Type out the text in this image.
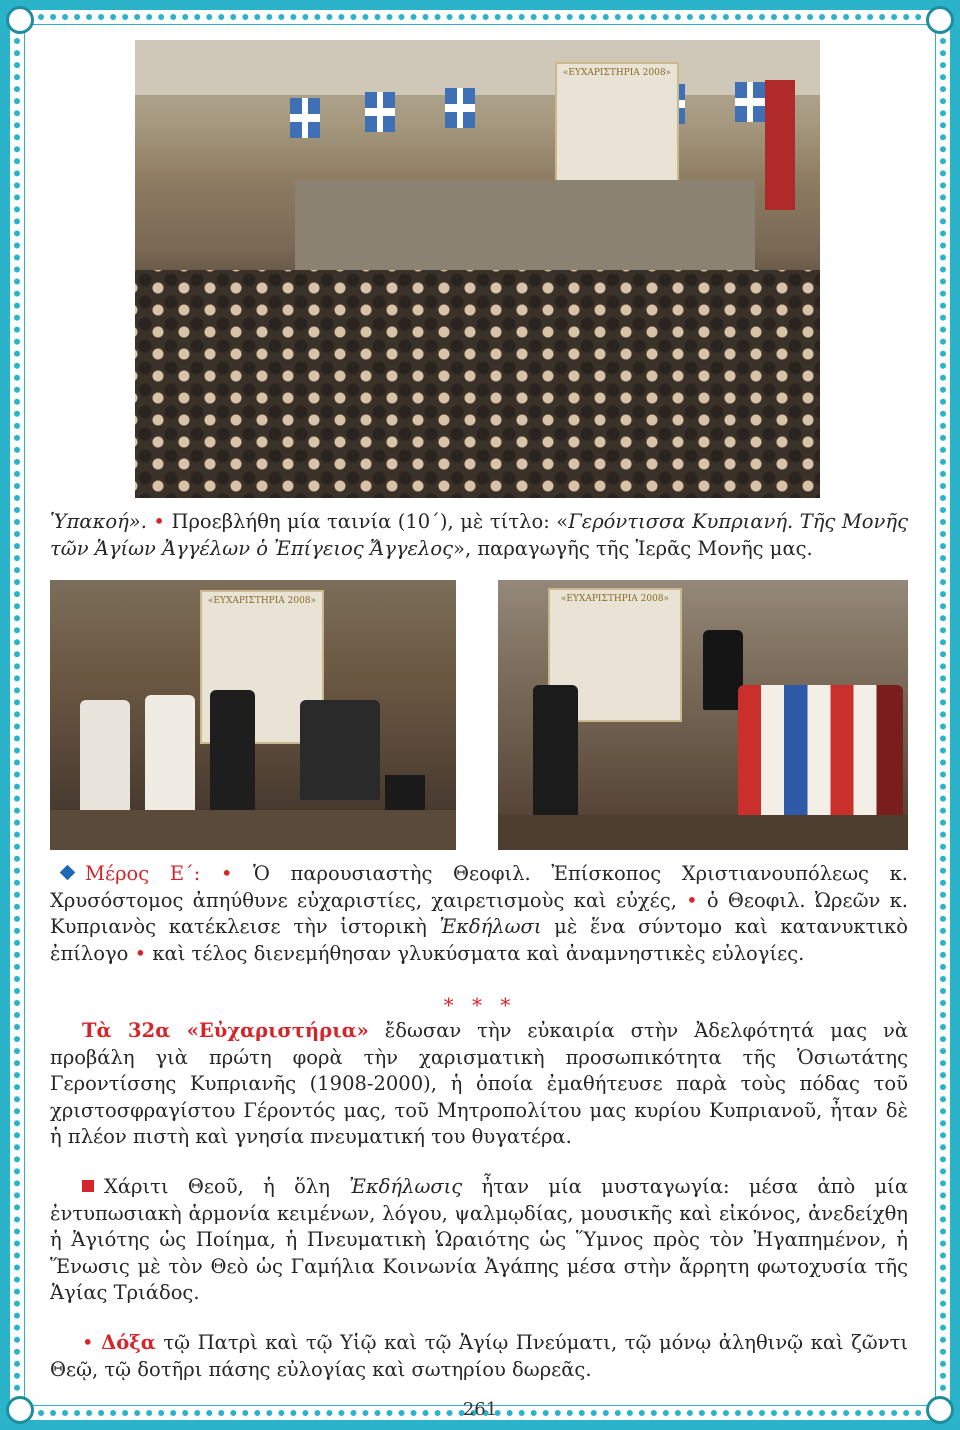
«ΕΥΧΑΡΙΣΤΗΡΙΑ 2008»

Ὑπακοή». • Προεβλήθη μία ταινία (10΄), μὲ τίτλο: «Γερόντισσα Κυπριανή. Τῆς Μονῆς τῶν Ἁγίων Ἀγγέλων ὁ Ἐπίγειος Ἄγγελος», παραγωγῆς τῆς Ἱερᾶς Μονῆς μας.

«ΕΥΧΑΡΙΣΤΗΡΙΑ 2008»	«ΕΥΧΑΡΙΣΤΗΡΙΑ 2008»

Μέρος Ε΄: • Ὁ παρουσιαστὴς Θεοφιλ. Ἐπίσκοπος Χριστιανουπόλεως κ. Χρυσόστομος ἀπηύθυνε εὐχαριστίες, χαιρετισμοὺς καὶ εὐχές, • ὁ Θεοφιλ. Ὠρεῶν κ. Κυπριανὸς κατέκλεισε τὴν ἱστορικὴ Ἐκδήλωσι μὲ ἕνα σύντομο καὶ κατανυκτικὸ ἐπίλογο • καὶ τέλος διενεμήθησαν γλυκύσματα καὶ ἀναμνηστικὲς εὐλογίες.

* * *

Τὰ 32α «Εὐχαριστήρια» ἔδωσαν τὴν εὐκαιρία στὴν Ἀδελφότητά μας νὰ προβάλη γιὰ πρώτη φορὰ τὴν χαρισματικὴ προσωπικότητα τῆς Ὁσιωτάτης Γεροντίσσης Κυπριανῆς (1908-2000), ἡ ὁποία ἐμαθήτευσε παρὰ τοὺς πόδας τοῦ χριστοσφραγίστου Γέροντός μας, τοῦ Μητροπολίτου μας κυρίου Κυπριανοῦ, ἦταν δὲ ἡ πλέον πιστὴ καὶ γνησία πνευματική του θυγατέρα.

Χάριτι Θεοῦ, ἡ ὅλη Ἐκδήλωσις ἦταν μία μυσταγωγία: μέσα ἀπὸ μία ἐντυπωσιακὴ ἁρμονία κειμένων, λόγου, ψαλμῳδίας, μουσικῆς καὶ εἰκόνος, ἀνεδείχθη ἡ Ἁγιότης ὡς Ποίημα, ἡ Πνευματικὴ Ὡραιότης ὡς Ὕμνος πρὸς τὸν Ἠγαπημένον, ἡ Ἕνωσις μὲ τὸν Θεὸ ὡς Γαμήλια Κοινωνία Ἀγάπης μέσα στὴν ἄρρητη φωτοχυσία τῆς Ἁγίας Τριάδος.

• Δόξα τῷ Πατρὶ καὶ τῷ Υἱῷ καὶ τῷ Ἁγίῳ Πνεύματι, τῷ μόνῳ ἀληθινῷ καὶ ζῶντι Θεῷ, τῷ δοτῆρι πάσης εὐλογίας καὶ σωτηρίου δωρεᾶς.

261
